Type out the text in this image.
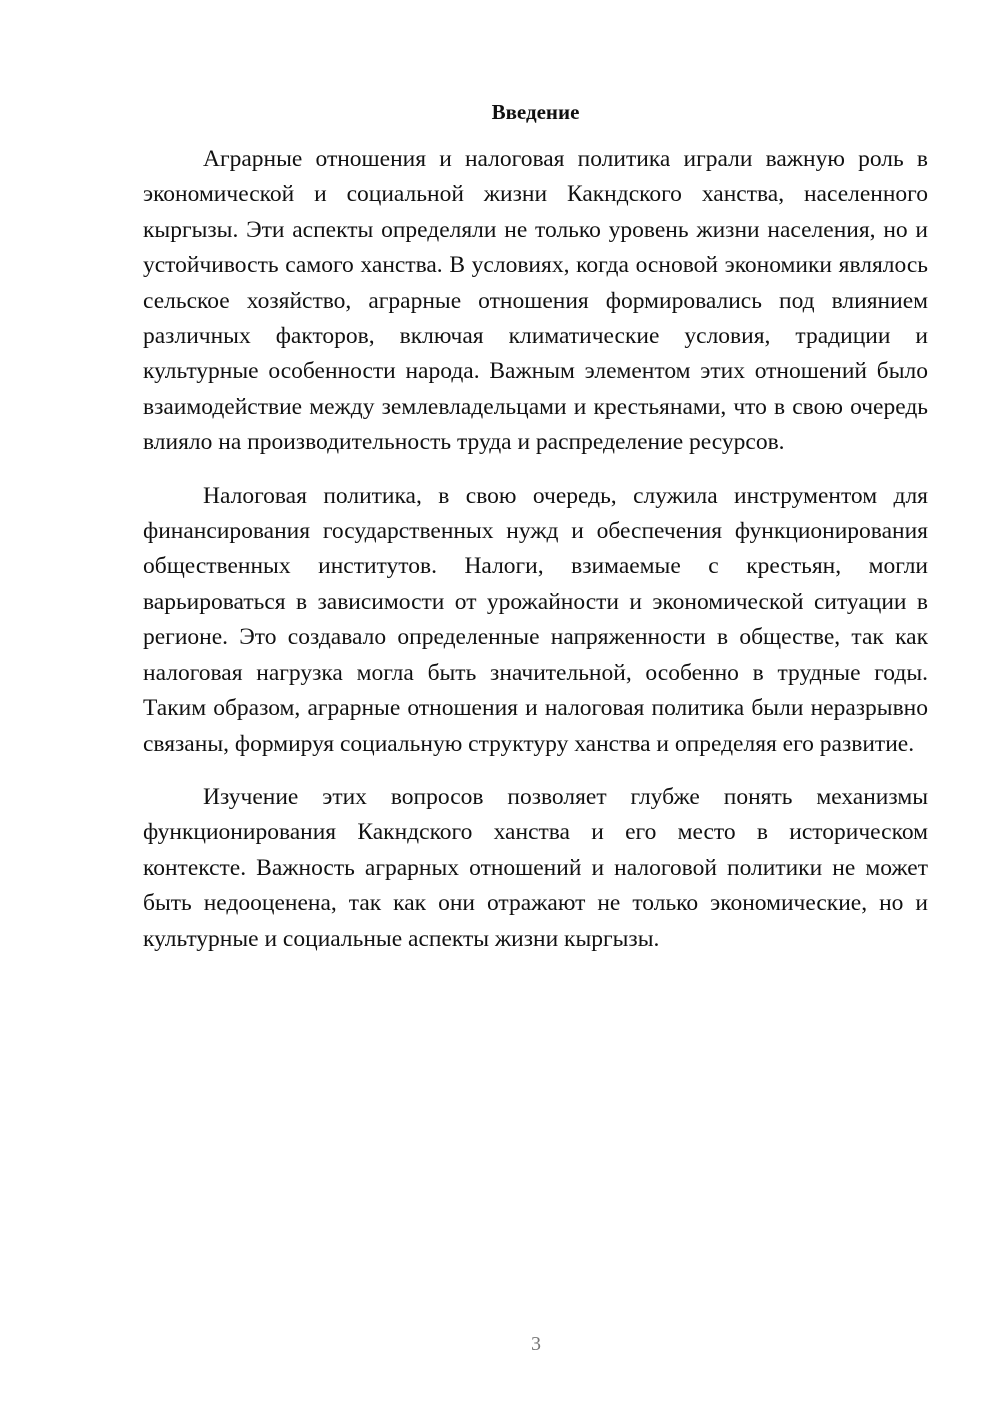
Введение

Аграрные отношения и налоговая политика играли важную роль в экономической и социальной жизни Какндского ханства, населенного кыргызы. Эти аспекты определяли не только уровень жизни населения, но и устойчивость самого ханства. В условиях, когда основой экономики являлось сельское хозяйство, аграрные отношения формировались под влиянием различных факторов, включая климатические условия, традиции и культурные особенности народа. Важным элементом этих отношений было взаимодействие между землевладельцами и крестьянами, что в свою очередь влияло на производительность труда и распределение ресурсов.

Налоговая политика, в свою очередь, служила инструментом для финансирования государственных нужд и обеспечения функционирования общественных институтов. Налоги, взимаемые с крестьян, могли варьироваться в зависимости от урожайности и экономической ситуации в регионе. Это создавало определенные напряженности в обществе, так как налоговая нагрузка могла быть значительной, особенно в трудные годы. Таким образом, аграрные отношения и налоговая политика были неразрывно связаны, формируя социальную структуру ханства и определяя его развитие.

Изучение этих вопросов позволяет глубже понять механизмы функционирования Какндского ханства и его место в историческом контексте. Важность аграрных отношений и налоговой политики не может быть недооценена, так как они отражают не только экономические, но и культурные и социальные аспекты жизни кыргызы.

3
